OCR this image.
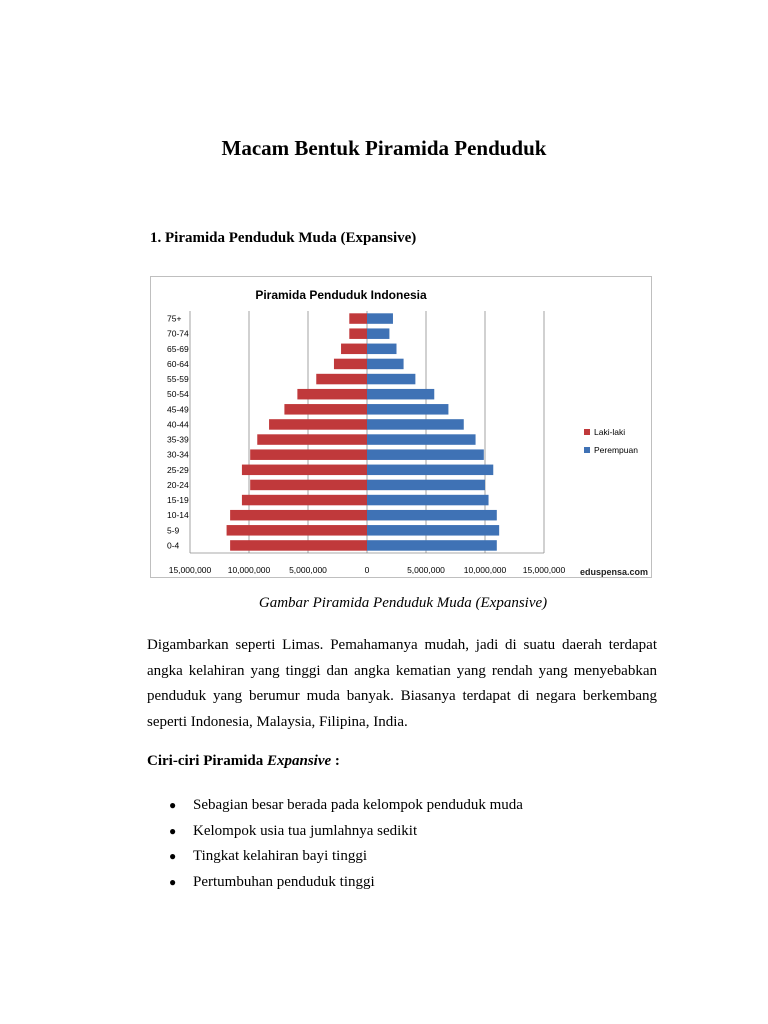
Macam Bentuk Piramida Penduduk
1. Piramida Penduduk Muda (Expansive)
15,000,000 10,000,000 5,000,000	0	5,000,000 10,000,000 15,000,000
75+
70-74
65-69
60-64
55-59
50-54
45-49
40-44
35-39
30-34
25-29
20-24
15-19
10-14
5-9
0-4
Piramida Penduduk Indonesia
eduspensa.com
Laki-laki
Perempuan
Gambar Piramida Penduduk Muda (Expansive)
Digambarkan seperti Limas. Pemahamanya mudah, jadi di suatu daerah terdapat angka kelahiran yang tinggi dan angka kematian yang rendah yang menyebabkan penduduk yang berumur muda banyak. Biasanya terdapat di negara berkembang seperti Indonesia, Malaysia, Filipina, India.
Ciri-ciri Piramida Expansive :
● Sebagian besar berada pada kelompok penduduk muda
● Kelompok usia tua jumlahnya sedikit
● Tingkat kelahiran bayi tinggi
● Pertumbuhan penduduk tinggi
